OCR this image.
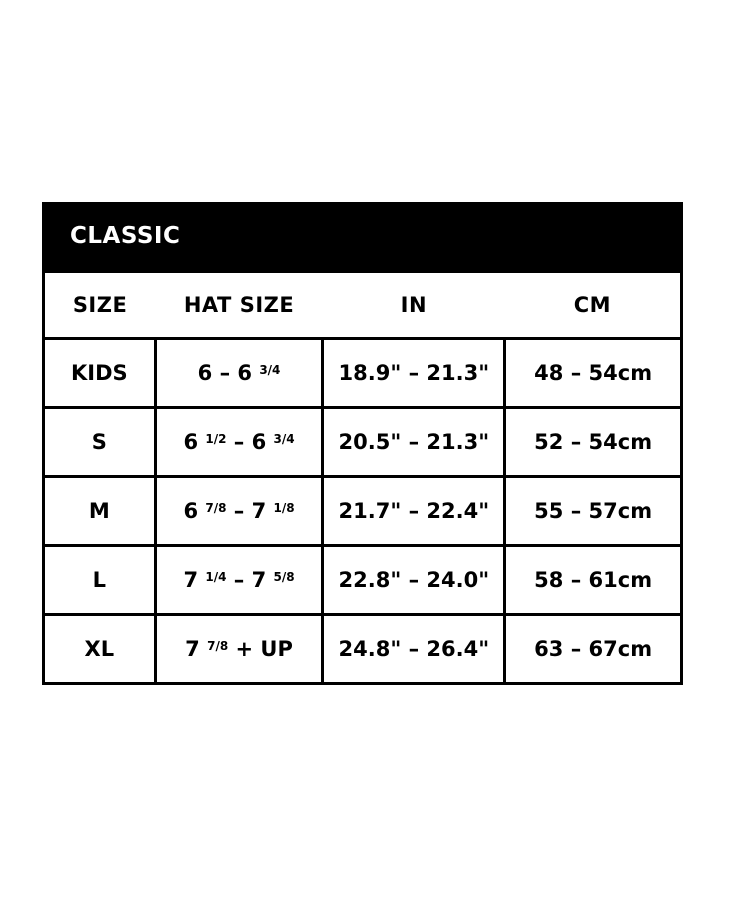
CLASSIC
SIZE	HAT SIZE	IN	CM
KIDS	6 – 6 $^{3/4}$	18.9" – 21.3"	48 – 54cm
S	6 $^{1/2}$ – 6 $^{3/4}$	20.5" – 21.3"	52 – 54cm
M	6 $^{7/8}$ – 7 $^{1/8}$	21.7" – 22.4"	55 – 57cm
L	7 $^{1/4}$ – 7 $^{5/8}$	22.8" – 24.0"	58 – 61cm
XL	7 $^{7/8}$ + UP	24.8" – 26.4"	63 – 67cm
